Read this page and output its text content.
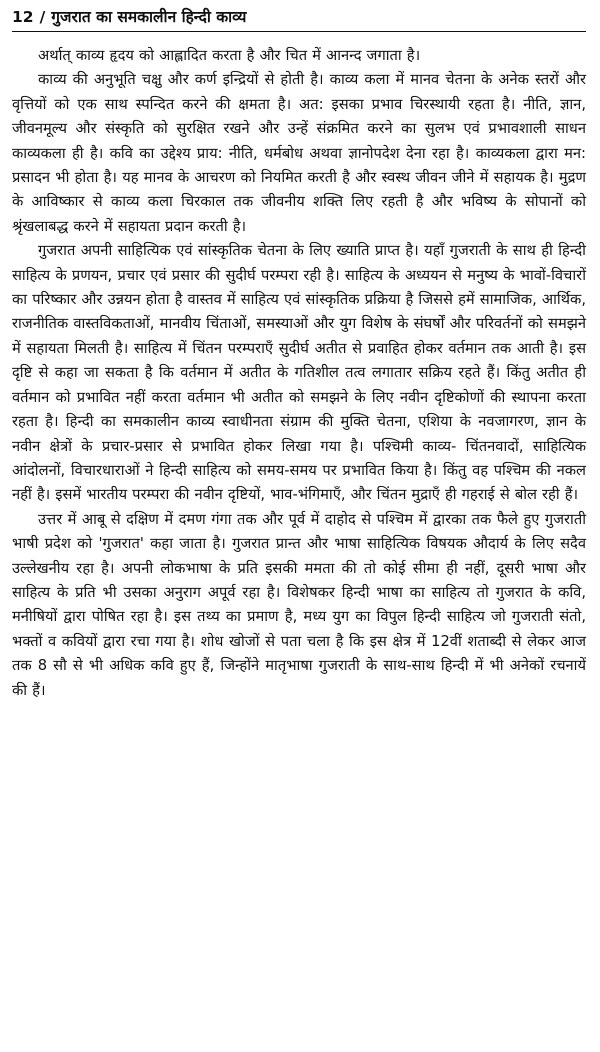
12 / गुजरात का समकालीन हिन्दी काव्य

अर्थात् काव्य हृदय को आह्लादित करता है और चित में आनन्द जगाता है।

काव्य की अनुभूति चक्षु और कर्ण इन्द्रियों से होती है। काव्य कला में मानव चेतना के अनेक स्तरों और वृत्तियों को एक साथ स्पन्दित करने की क्षमता है। अत: इसका प्रभाव चिरस्थायी रहता है। नीति, ज्ञान, जीवनमूल्य और संस्कृति को सुरक्षित रखने और उन्हें संक्रमित करने का सुलभ एवं प्रभावशाली साधन काव्यकला ही है। कवि का उद्देश्य प्राय: नीति, धर्मबोध अथवा ज्ञानोपदेश देना रहा है। काव्यकला द्वारा मन: प्रसादन भी होता है। यह मानव के आचरण को नियमित करती है और स्वस्थ जीवन जीने में सहायक है। मुद्रण के आविष्कार से काव्य कला चिरकाल तक जीवनीय शक्ति लिए रहती है और भविष्य के सोपानों को श्रृंखलाबद्ध करने में सहायता प्रदान करती है।

गुजरात अपनी साहित्यिक एवं सांस्कृतिक चेतना के लिए ख्याति प्राप्त है। यहाँ गुजराती के साथ ही हिन्दी साहित्य के प्रणयन, प्रचार एवं प्रसार की सुदीर्घ परम्परा रही है। साहित्य के अध्ययन से मनुष्य के भावों-विचारों का परिष्कार और उन्नयन होता है वास्तव में साहित्य एवं सांस्कृतिक प्रक्रिया है जिससे हमें सामाजिक, आर्थिक, राजनीतिक वास्तविकताओं, मानवीय चिंताओं, समस्याओं और युग विशेष के संघर्षों और परिवर्तनों को समझने में सहायता मिलती है। साहित्य में चिंतन परम्पराएँ सुदीर्घ अतीत से प्रवाहित होकर वर्तमान तक आती है। इस दृष्टि से कहा जा सकता है कि वर्तमान में अतीत के गतिशील तत्व लगातार सक्रिय रहते हैं। किंतु अतीत ही वर्तमान को प्रभावित नहीं करता वर्तमान भी अतीत को समझने के लिए नवीन दृष्टिकोणों की स्थापना करता रहता है। हिन्दी का समकालीन काव्य स्वाधीनता संग्राम की मुक्ति चेतना, एशिया के नवजागरण, ज्ञान के नवीन क्षेत्रों के प्रचार-प्रसार से प्रभावित होकर लिखा गया है। पश्चिमी काव्य- चिंतनवादों, साहित्यिक आंदोलनों, विचारधाराओं ने हिन्दी साहित्य को समय-समय पर प्रभावित किया है। किंतु वह पश्चिम की नकल नहीं है। इसमें भारतीय परम्परा की नवीन दृष्टियों, भाव-भंगिमाएँ, और चिंतन मुद्राएँ ही गहराई से बोल रही हैं।

उत्तर में आबू से दक्षिण में दमण गंगा तक और पूर्व में दाहोद से पश्चिम में द्वारका तक फैले हुए गुजराती भाषी प्रदेश को 'गुजरात' कहा जाता है। गुजरात प्रान्त और भाषा साहित्यिक विषयक औदार्य के लिए सदैव उल्लेखनीय रहा है। अपनी लोकभाषा के प्रति इसकी ममता की तो कोई सीमा ही नहीं, दूसरी भाषा और साहित्य के प्रति भी उसका अनुराग अपूर्व रहा है। विशेषकर हिन्दी भाषा का साहित्य तो गुजरात के कवि, मनीषियों द्वारा पोषित रहा है। इस तथ्य का प्रमाण है, मध्य युग का विपुल हिन्दी साहित्य जो गुजराती संतो, भक्तों व कवियों द्वारा रचा गया है। शोध खोजों से पता चला है कि इस क्षेत्र में 12वीं शताब्दी से लेकर आज तक 8 सौ से भी अधिक कवि हुए हैं, जिन्होंने मातृभाषा गुजराती के साथ-साथ हिन्दी में भी अनेकों रचनायें की हैं।
